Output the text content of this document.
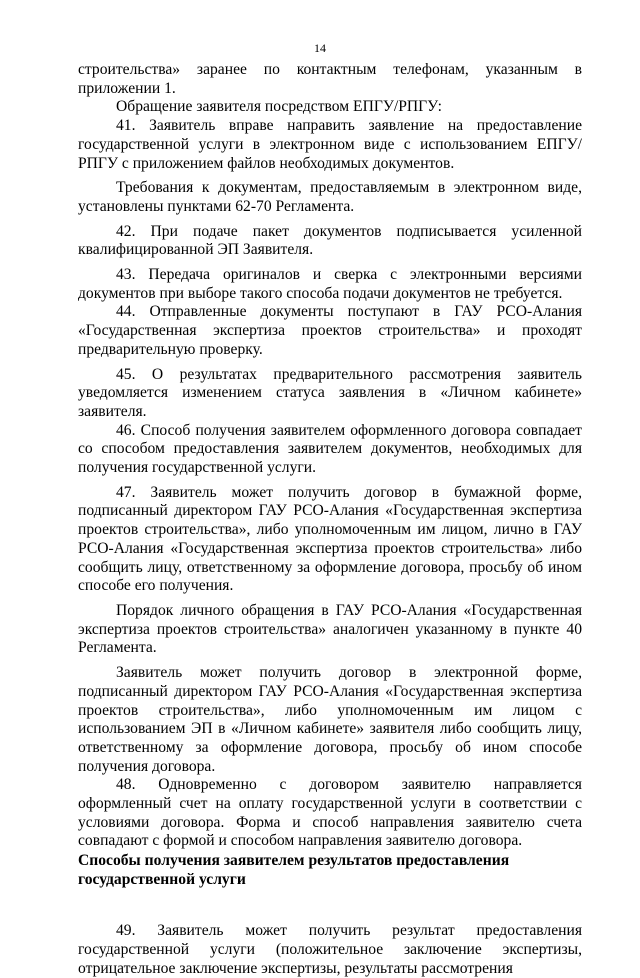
14

строительства» заранее по контактным телефонам, указанным в приложении 1.

Обращение заявителя посредством ЕПГУ/РПГУ:

41. Заявитель вправе направить заявление на предоставление государственной услуги в электронном виде с использованием ЕПГУ/РПГУ с приложением файлов необходимых документов.

Требования к документам, предоставляемым в электронном виде, установлены пунктами 62-70 Регламента.

42. При подаче пакет документов подписывается усиленной квалифицированной ЭП Заявителя.

43. Передача оригиналов и сверка с электронными версиями документов при выборе такого способа подачи документов не требуется.

44. Отправленные документы поступают в ГАУ РСО-Алания «Государственная экспертиза проектов строительства» и проходят предварительную проверку.

45. О результатах предварительного рассмотрения заявитель уведомляется изменением статуса заявления в «Личном кабинете» заявителя.

46. Способ получения заявителем оформленного договора совпадает со способом предоставления заявителем документов, необходимых для получения государственной услуги.

47. Заявитель может получить договор в бумажной форме, подписанный директором ГАУ РСО-Алания «Государственная экспертиза проектов строительства», либо уполномоченным им лицом, лично в ГАУ РСО-Алания «Государственная экспертиза проектов строительства» либо сообщить лицу, ответственному за оформление договора, просьбу об ином способе его получения.

Порядок личного обращения в ГАУ РСО-Алания «Государственная экспертиза проектов строительства» аналогичен указанному в пункте 40 Регламента.

Заявитель может получить договор в электронной форме, подписанный директором ГАУ РСО-Алания «Государственная экспертиза проектов строительства», либо уполномоченным им лицом с использованием ЭП в «Личном кабинете» заявителя либо сообщить лицу, ответственному за оформление договора, просьбу об ином способе получения договора.

48. Одновременно с договором заявителю направляется оформленный счет на оплату государственной услуги в соответствии с условиями договора. Форма и способ направления заявителю счета совпадают с формой и способом направления заявителю договора.

Способы получения заявителем результатов предоставления
государственной услуги

49. Заявитель может получить результат предоставления государственной услуги (положительное заключение экспертизы, отрицательное заключение экспертизы, результаты рассмотрения
